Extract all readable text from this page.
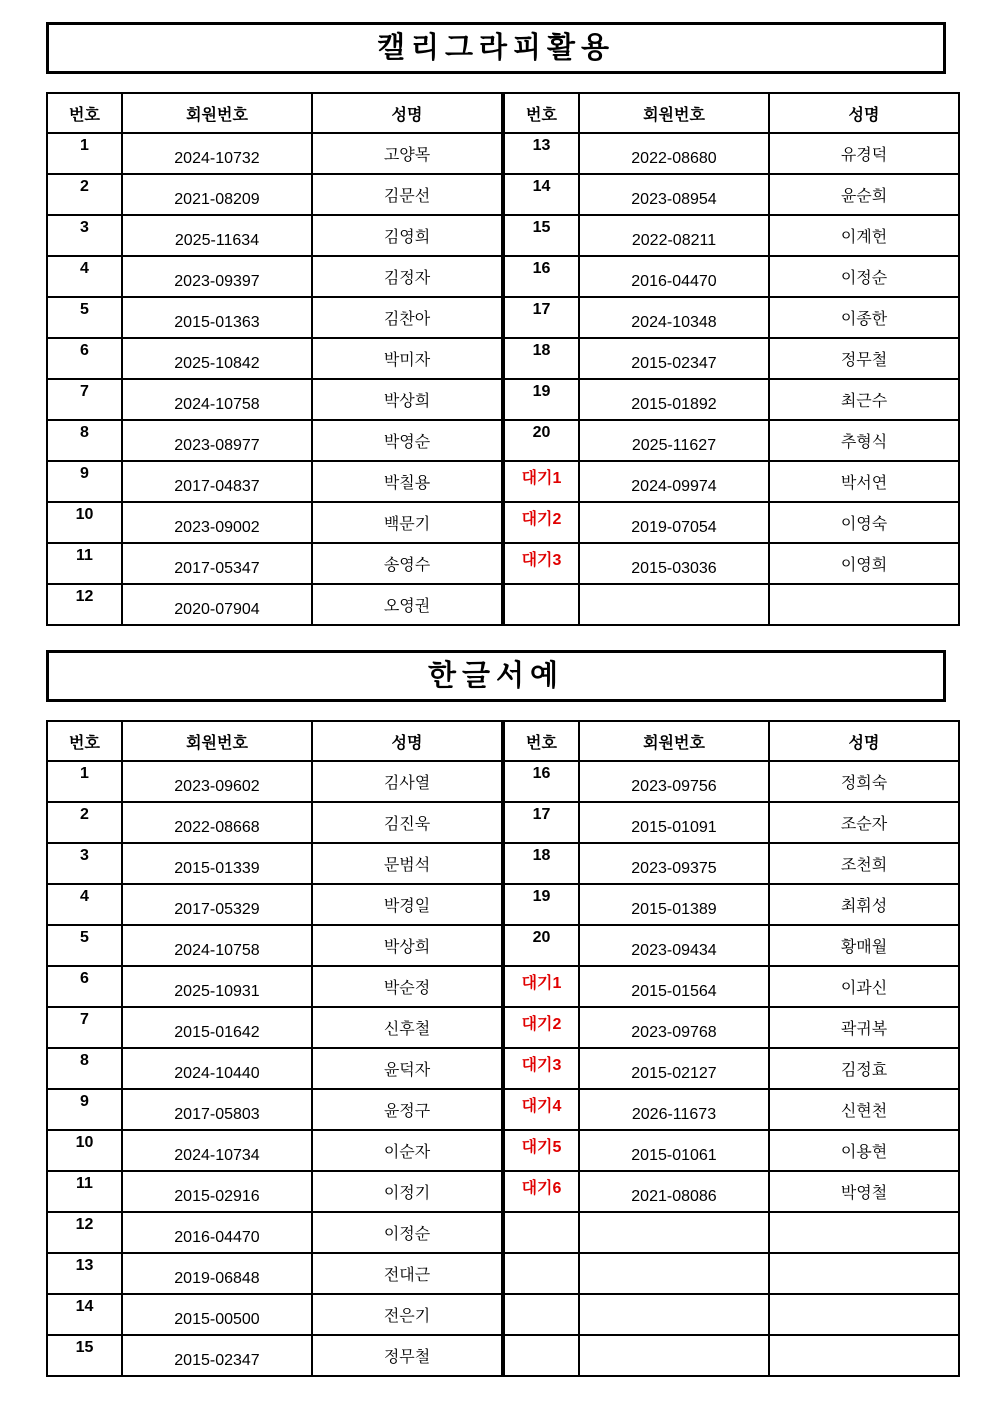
캘리그라피활용
번호	회원번호	성명
1	2024-10732	고양목
2	2021-08209	김문선
3	2025-11634	김영희
4	2023-09397	김정자
5	2015-01363	김찬아
6	2025-10842	박미자
7	2024-10758	박상희
8	2023-08977	박영순
9	2017-04837	박칠용
10	2023-09002	백문기
11	2017-05347	송영수
12	2020-07904	오영권
번호	회원번호	성명
13	2022-08680	유경덕
14	2023-08954	윤순희
15	2022-08211	이계헌
16	2016-04470	이정순
17	2024-10348	이종한
18	2015-02347	정무철
19	2015-01892	최근수
20	2025-11627	추형식
대기1	2024-09974	박서연
대기2	2019-07054	이영숙
대기3	2015-03036	이영희

한글서예
번호	회원번호	성명
1	2023-09602	김사열
2	2022-08668	김진욱
3	2015-01339	문범석
4	2017-05329	박경일
5	2024-10758	박상희
6	2025-10931	박순정
7	2015-01642	신후철
8	2024-10440	윤덕자
9	2017-05803	윤정구
10	2024-10734	이순자
11	2015-02916	이정기
12	2016-04470	이정순
13	2019-06848	전대근
14	2015-00500	전은기
15	2015-02347	정무철
번호	회원번호	성명
16	2023-09756	정희숙
17	2015-01091	조순자
18	2023-09375	조천희
19	2015-01389	최휘성
20	2023-09434	황매월
대기1	2015-01564	이과신
대기2	2023-09768	곽귀복
대기3	2015-02127	김정효
대기4	2026-11673	신현천
대기5	2015-01061	이용현
대기6	2021-08086	박영철
